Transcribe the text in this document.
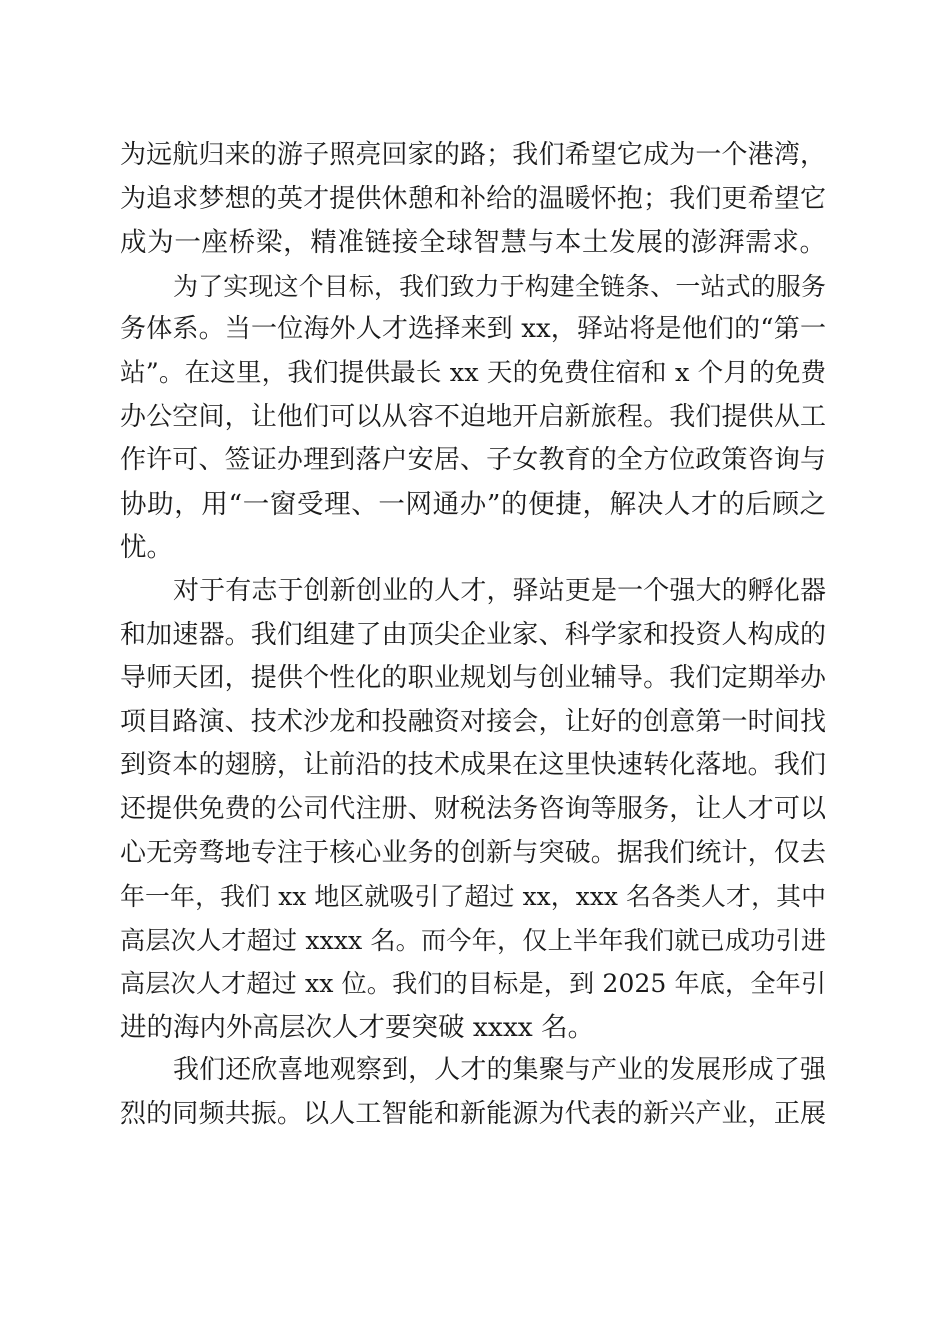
为远航归来的游子照亮回家的路；我们希望它成为一个港湾，
为追求梦想的英才提供休憩和补给的温暖怀抱；我们更希望它
成为一座桥梁，精准链接全球智慧与本土发展的澎湃需求。
为了实现这个目标，我们致力于构建全链条、一站式的服务
务体系。当一位海外人才选择来到 xx，驿站将是他们的“第一
站”。在这里，我们提供最长 xx 天的免费住宿和 x 个月的免费
办公空间，让他们可以从容不迫地开启新旅程。我们提供从工
作许可、签证办理到落户安居、子女教育的全方位政策咨询与
协助，用“一窗受理、一网通办”的便捷，解决人才的后顾之
忧。
对于有志于创新创业的人才，驿站更是一个强大的孵化器
和加速器。我们组建了由顶尖企业家、科学家和投资人构成的
导师天团，提供个性化的职业规划与创业辅导。我们定期举办
项目路演、技术沙龙和投融资对接会，让好的创意第一时间找
到资本的翅膀，让前沿的技术成果在这里快速转化落地。我们
还提供免费的公司代注册、财税法务咨询等服务，让人才可以
心无旁骛地专注于核心业务的创新与突破。据我们统计，仅去
年一年，我们 xx 地区就吸引了超过 xx，xxx 名各类人才，其中
高层次人才超过 xxxx 名。而今年，仅上半年我们就已成功引进
高层次人才超过 xx 位。我们的目标是，到 2025 年底，全年引
进的海内外高层次人才要突破 xxxx 名。
我们还欣喜地观察到，人才的集聚与产业的发展形成了强
烈的同频共振。以人工智能和新能源为代表的新兴产业，正展
